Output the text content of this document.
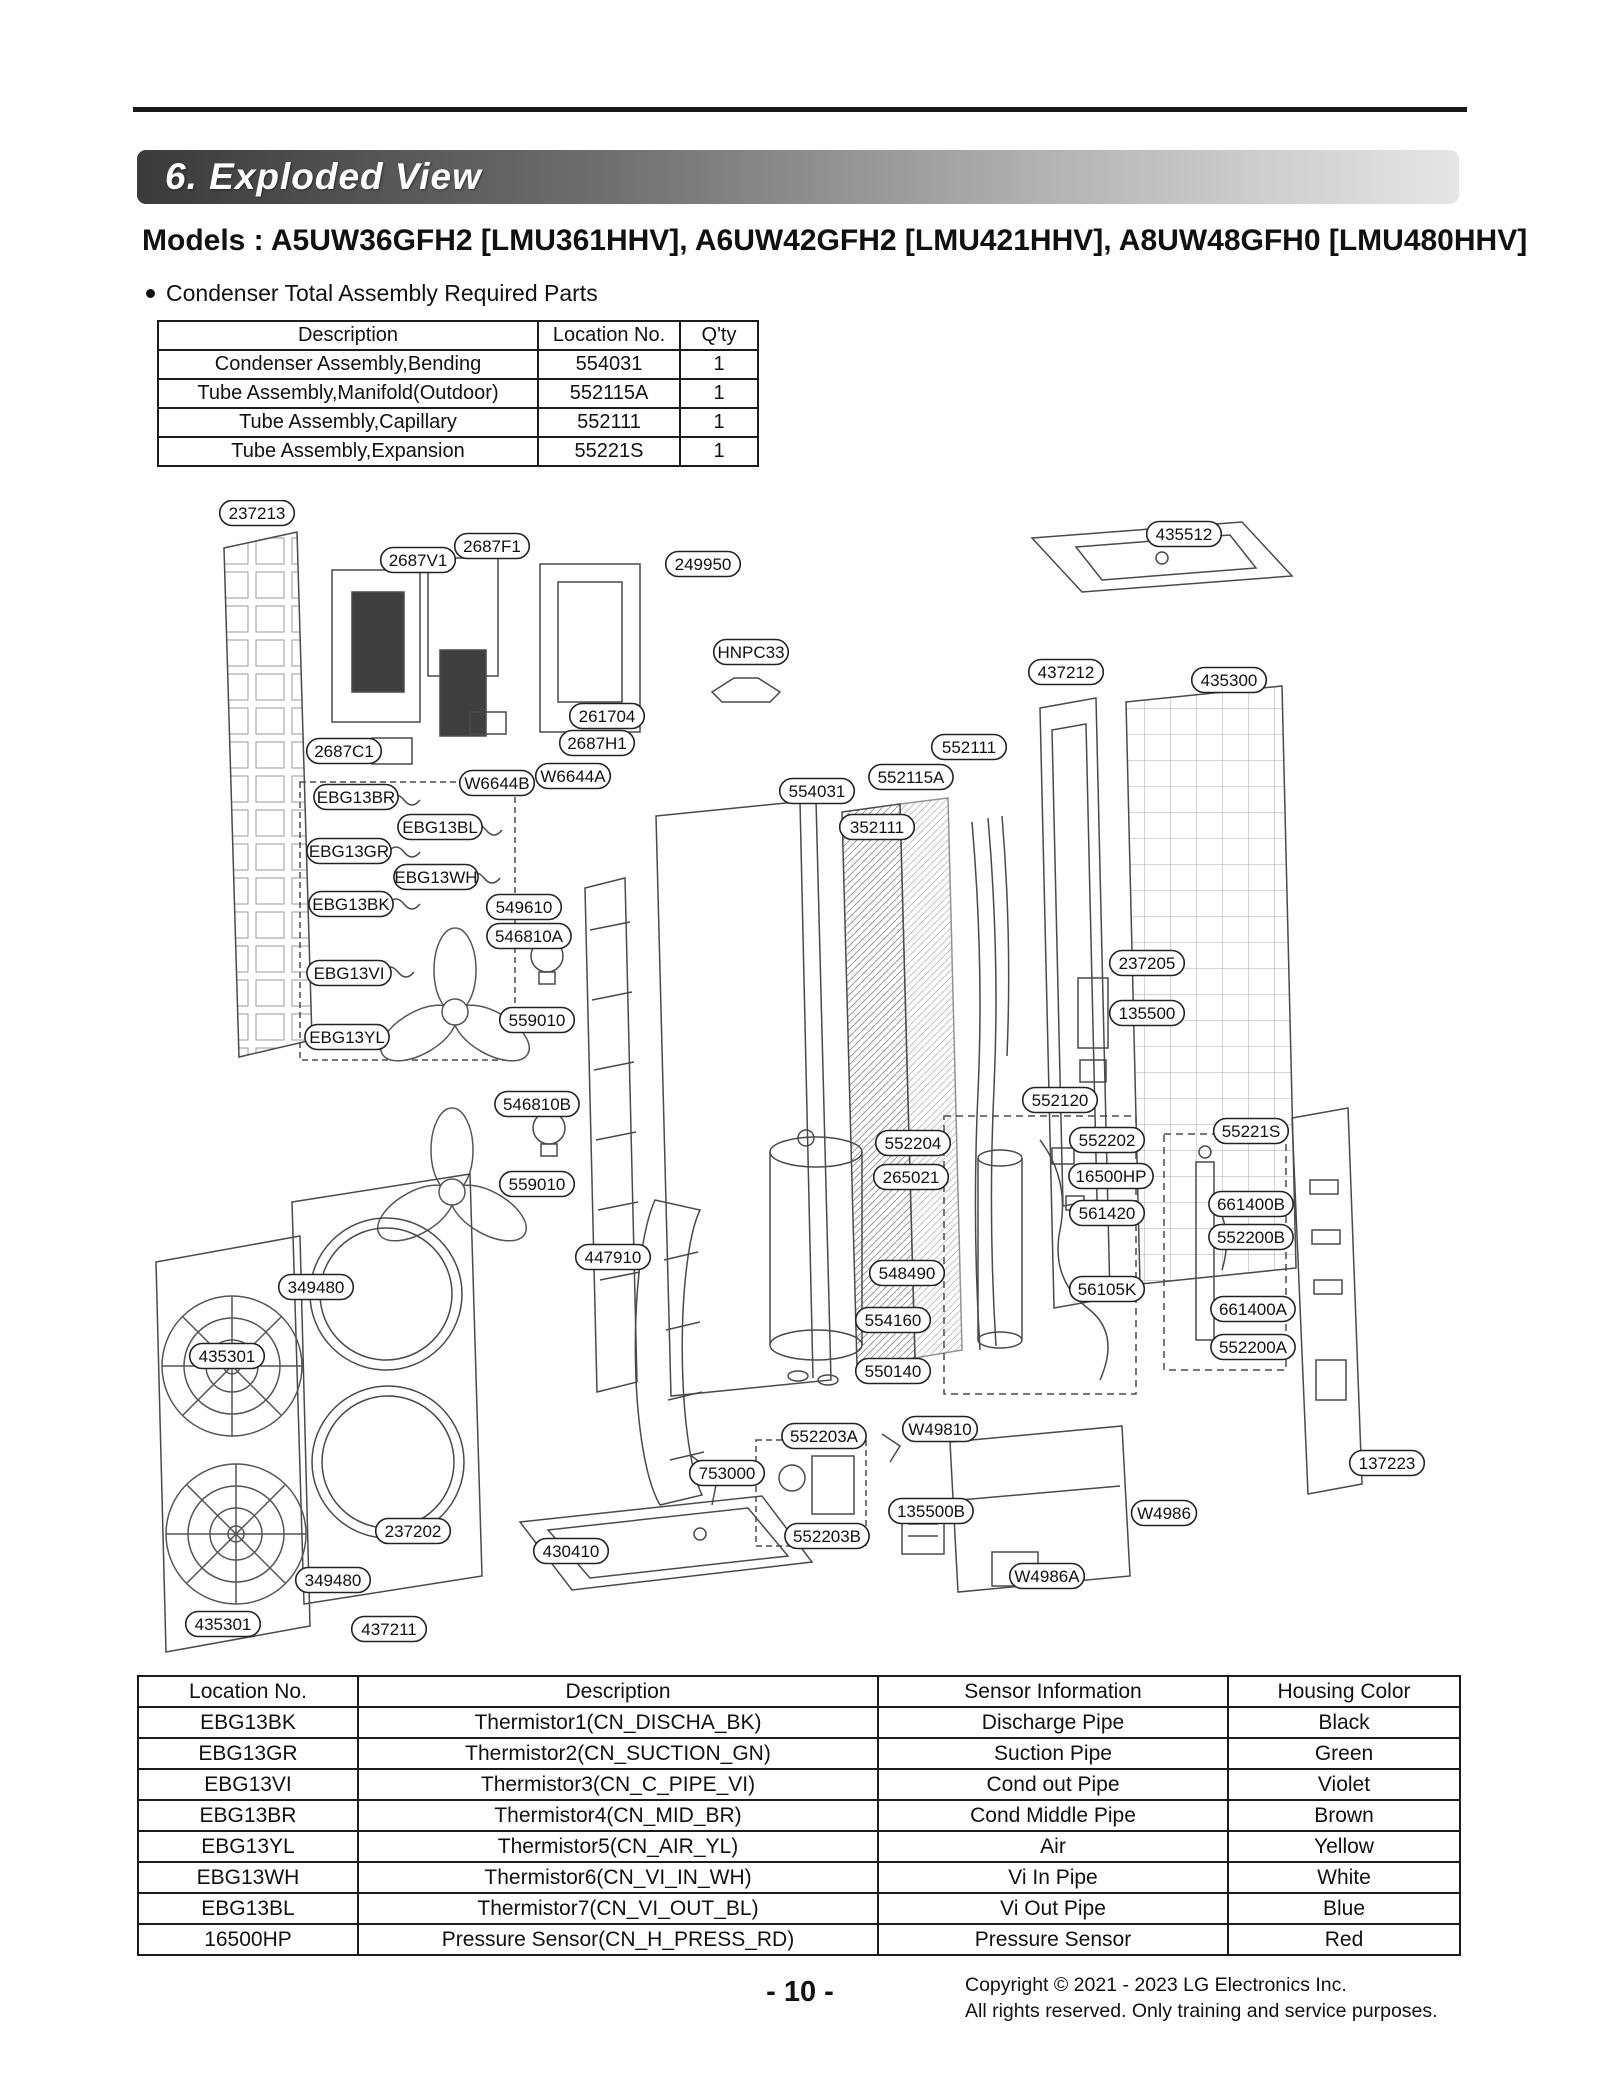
6. Exploded View
Models : A5UW36GFH2 [LMU361HHV], A6UW42GFH2 [LMU421HHV], A8UW48GFH0 [LMU480HHV]
Condenser Total Assembly Required Parts
Description	Location No.	Q'ty
Condenser Assembly,Bending	554031	1
Tube Assembly,Manifold(Outdoor)	552115A	1
Tube Assembly,Capillary	552111	1
Tube Assembly,Expansion	55221S	1
237213
2687V1
2687F1
249950
HNPC33
435512
437212	435300
261704
2687H1
2687C1
W6644B W6644A
552111
552115A
554031
352111
EBG13BR
EBG13BL
EBG13GR
EBG13WH
EBG13BK	549610
546810A
EBG13VI
559010
EBG13YL
237205
135500
552120
546810B
552204	552202	55221S
265021	16500HP
661400B
559010
561420
552200B
447910
548490
56105K
661400A
349480
554160
552200A
435301
550140
552203A	W49810
753000
137223
135500B	W4986
237202
430410
552203B
W4986A
349480
435301	437211
Location No.	Description	Sensor Information	Housing Color
EBG13BK	Thermistor1(CN_DISCHA_BK)	Discharge Pipe	Black
EBG13GR	Thermistor2(CN_SUCTION_GN)	Suction Pipe	Green
EBG13VI	Thermistor3(CN_C_PIPE_VI)	Cond out Pipe	Violet
EBG13BR	Thermistor4(CN_MID_BR)	Cond Middle Pipe	Brown
EBG13YL	Thermistor5(CN_AIR_YL)	Air	Yellow
EBG13WH	Thermistor6(CN_VI_IN_WH)	Vi In Pipe	White
EBG13BL	Thermistor7(CN_VI_OUT_BL)	Vi Out Pipe	Blue
16500HP	Pressure Sensor(CN_H_PRESS_RD)	Pressure Sensor	Red
- 10 -	Copyright © 2021 - 2023 LG Electronics Inc.
All rights reserved. Only training and service purposes.
